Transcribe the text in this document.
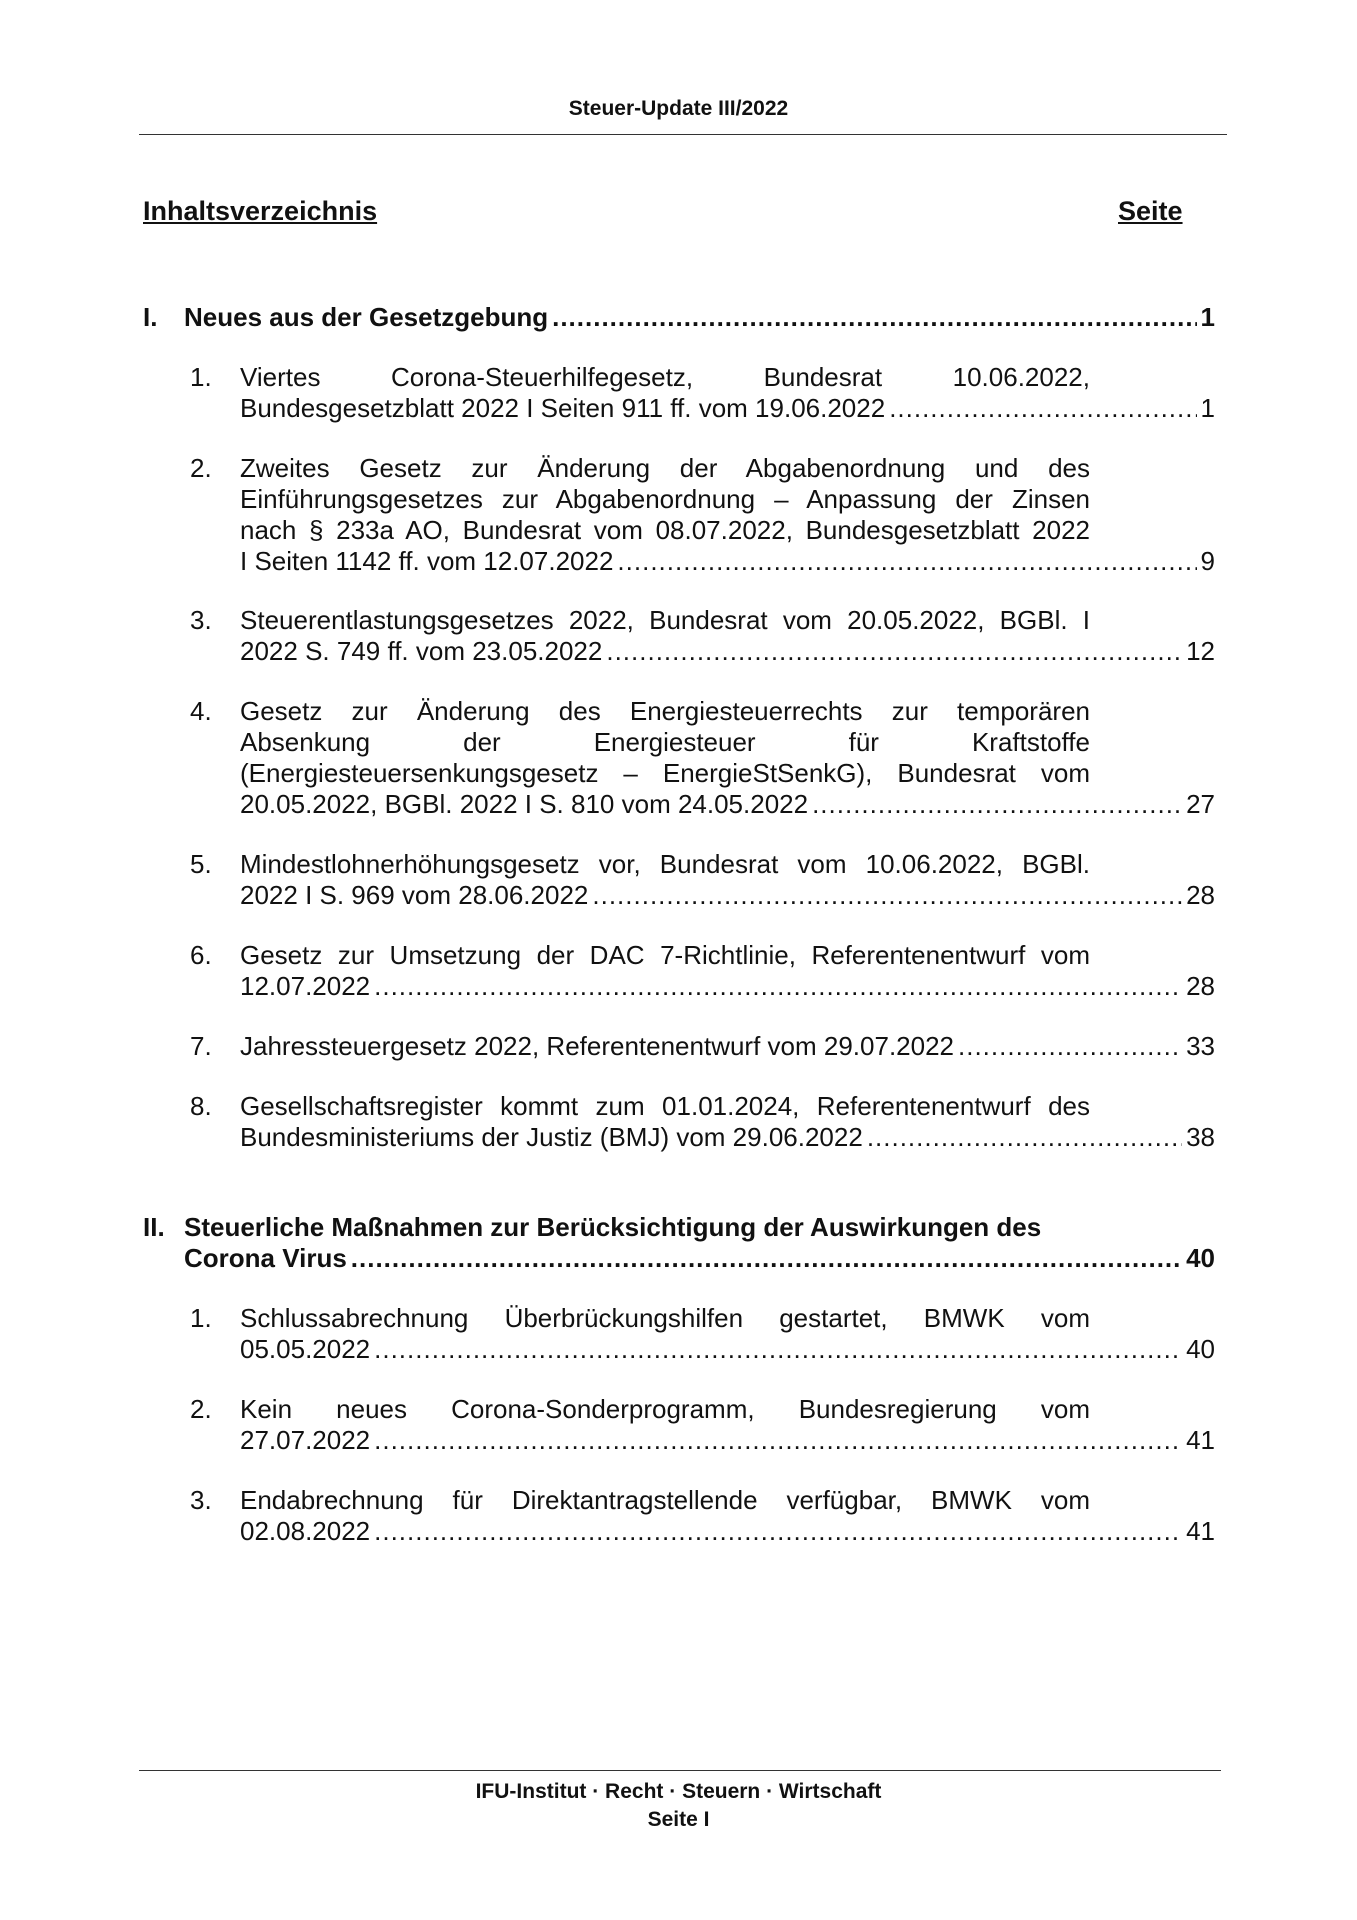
Steuer-Update III/2022
Inhaltsverzeichnis	Seite
I. Neues aus der Gesetzgebung .....	1
1. Viertes Corona-Steuerhilfegesetz, Bundesrat 10.06.2022,
Bundesgesetzblatt 2022 I Seiten 911 ff. vom 19.06.2022 .....	1
2. Zweites Gesetz zur Änderung der Abgabenordnung und des
Einführungsgesetzes zur Abgabenordnung – Anpassung der Zinsen
nach § 233a AO, Bundesrat vom 08.07.2022, Bundesgesetzblatt 2022
I Seiten 1142 ff. vom 12.07.2022 .....	9
3. Steuerentlastungsgesetzes 2022, Bundesrat vom 20.05.2022, BGBl. I
2022 S. 749 ff. vom 23.05.2022 .....	12
4. Gesetz zur Änderung des Energiesteuerrechts zur temporären
Absenkung der Energiesteuer für Kraftstoffe
(Energiesteuersenkungsgesetz – EnergieStSenkG), Bundesrat vom
20.05.2022, BGBl. 2022 I S. 810 vom 24.05.2022 .....	27
5. Mindestlohnerhöhungsgesetz vor, Bundesrat vom 10.06.2022, BGBl.
2022 I S. 969 vom 28.06.2022 .....	28
6. Gesetz zur Umsetzung der DAC 7-Richtlinie, Referentenentwurf vom
12.07.2022 .....	28
7. Jahressteuergesetz 2022, Referentenentwurf vom 29.07.2022 .....	33
8. Gesellschaftsregister kommt zum 01.01.2024, Referentenentwurf des
Bundesministeriums der Justiz (BMJ) vom 29.06.2022 .....	38
II. Steuerliche Maßnahmen zur Berücksichtigung der Auswirkungen des
Corona Virus .....	40
1. Schlussabrechnung Überbrückungshilfen gestartet, BMWK vom
05.05.2022 .....	40
2. Kein neues Corona-Sonderprogramm, Bundesregierung vom
27.07.2022 .....	41
3. Endabrechnung für Direktantragstellende verfügbar, BMWK vom
02.08.2022 .....	41
IFU-Institut · Recht · Steuern · Wirtschaft
Seite I
